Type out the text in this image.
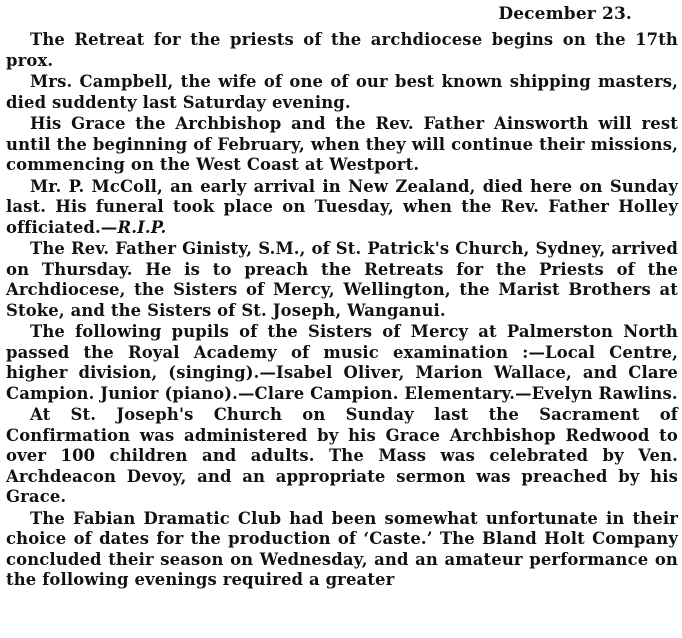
December 23.

The Retreat for the priests of the archdiocese begins on the 17th prox.

Mrs. Campbell, the wife of one of our best known shipping masters, died suddenty last Saturday evening.

His Grace the Archbishop and the Rev. Father Ainsworth will rest until the beginning of February, when they will continue their missions, commencing on the West Coast at Westport.

Mr. P. McColl, an early arrival in New Zealand, died here on Sunday last. His funeral took place on Tuesday, when the Rev. Father Holley officiated.—R.I.P.

The Rev. Father Ginisty, S.M., of St. Patrick's Church, Sydney, arrived on Thursday. He is to preach the Retreats for the Priests of the Archdiocese, the Sisters of Mercy, Wellington, the Marist Brothers at Stoke, and the Sisters of St. Joseph, Wanganui.

The following pupils of the Sisters of Mercy at Palmerston North passed the Royal Academy of music examination :—Local Centre, higher division, (singing).—Isabel Oliver, Marion Wallace, and Clare Campion. Junior (piano).—Clare Campion. Elementary.—Evelyn Rawlins.

At St. Joseph's Church on Sunday last the Sacrament of Confirmation was administered by his Grace Archbishop Redwood to over 100 children and adults. The Mass was celebrated by Ven. Archdeacon Devoy, and an appropriate sermon was preached by his Grace.

The Fabian Dramatic Club had been somewhat unfortunate in their choice of dates for the production of ‘Caste.’ The Bland Holt Company concluded their season on Wednesday, and an amateur performance on the following evenings required a greater
